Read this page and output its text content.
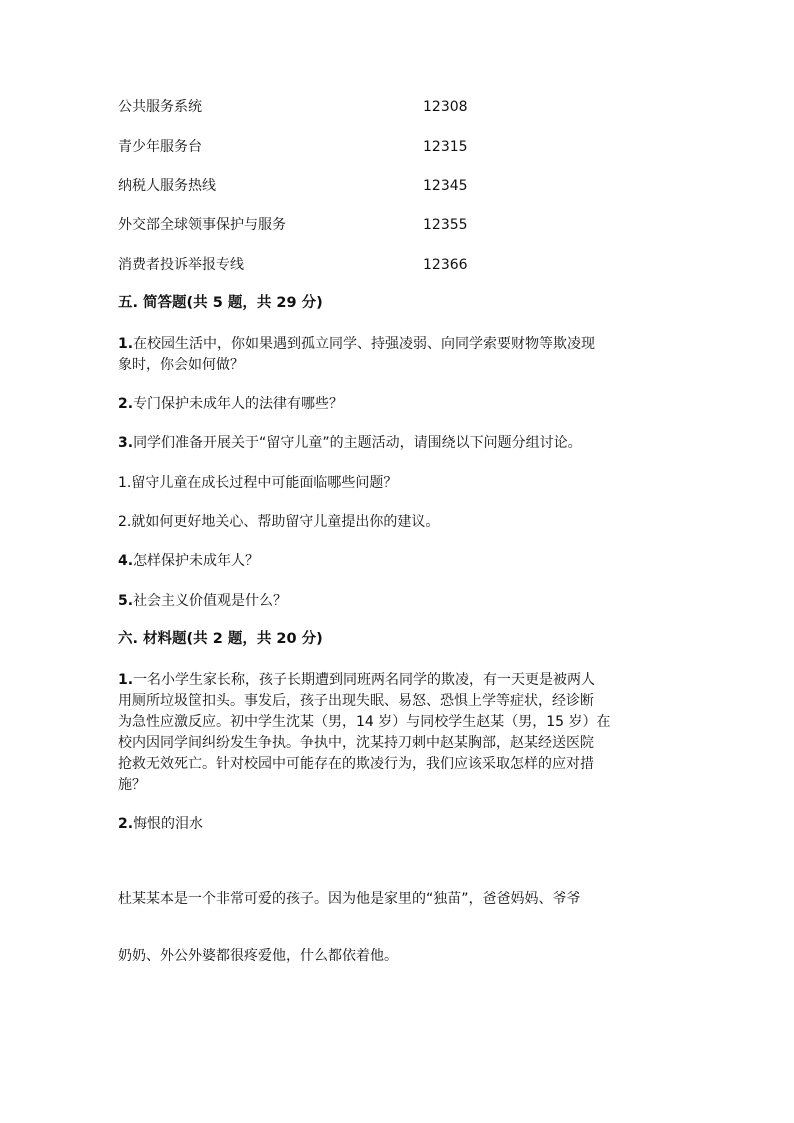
公共服务系统	12308
青少年服务台	12315
纳税人服务热线	12345
外交部全球领事保护与服务	12355
消费者投诉举报专线	12366
五. 简答题(共 5 题，共 29 分)
1.在校园生活中，你如果遇到孤立同学、持强凌弱、向同学索要财物等欺凌现
象时，你会如何做？
2.专门保护未成年人的法律有哪些？
3.同学们准备开展关于“留守儿童”的主题活动，请围绕以下问题分组讨论。
1.留守儿童在成长过程中可能面临哪些问题？
2.就如何更好地关心、帮助留守儿童提出你的建议。
4.怎样保护未成年人？
5.社会主义价值观是什么？
六. 材料题(共 2 题，共 20 分)
1.一名小学生家长称，孩子长期遭到同班两名同学的欺凌，有一天更是被两人
用厕所垃圾筐扣头。事发后，孩子出现失眠、易怒、恐惧上学等症状，经诊断
为急性应激反应。初中学生沈某（男，14 岁）与同校学生赵某（男，15 岁）在
校内因同学间纠纷发生争执。争执中，沈某持刀刺中赵某胸部，赵某经送医院
抢救无效死亡。针对校园中可能存在的欺凌行为，我们应该采取怎样的应对措
施？
2.悔恨的泪水
杜某某本是一个非常可爱的孩子。因为他是家里的“独苗”，爸爸妈妈、爷爷
奶奶、外公外婆都很疼爱他，什么都依着他。
